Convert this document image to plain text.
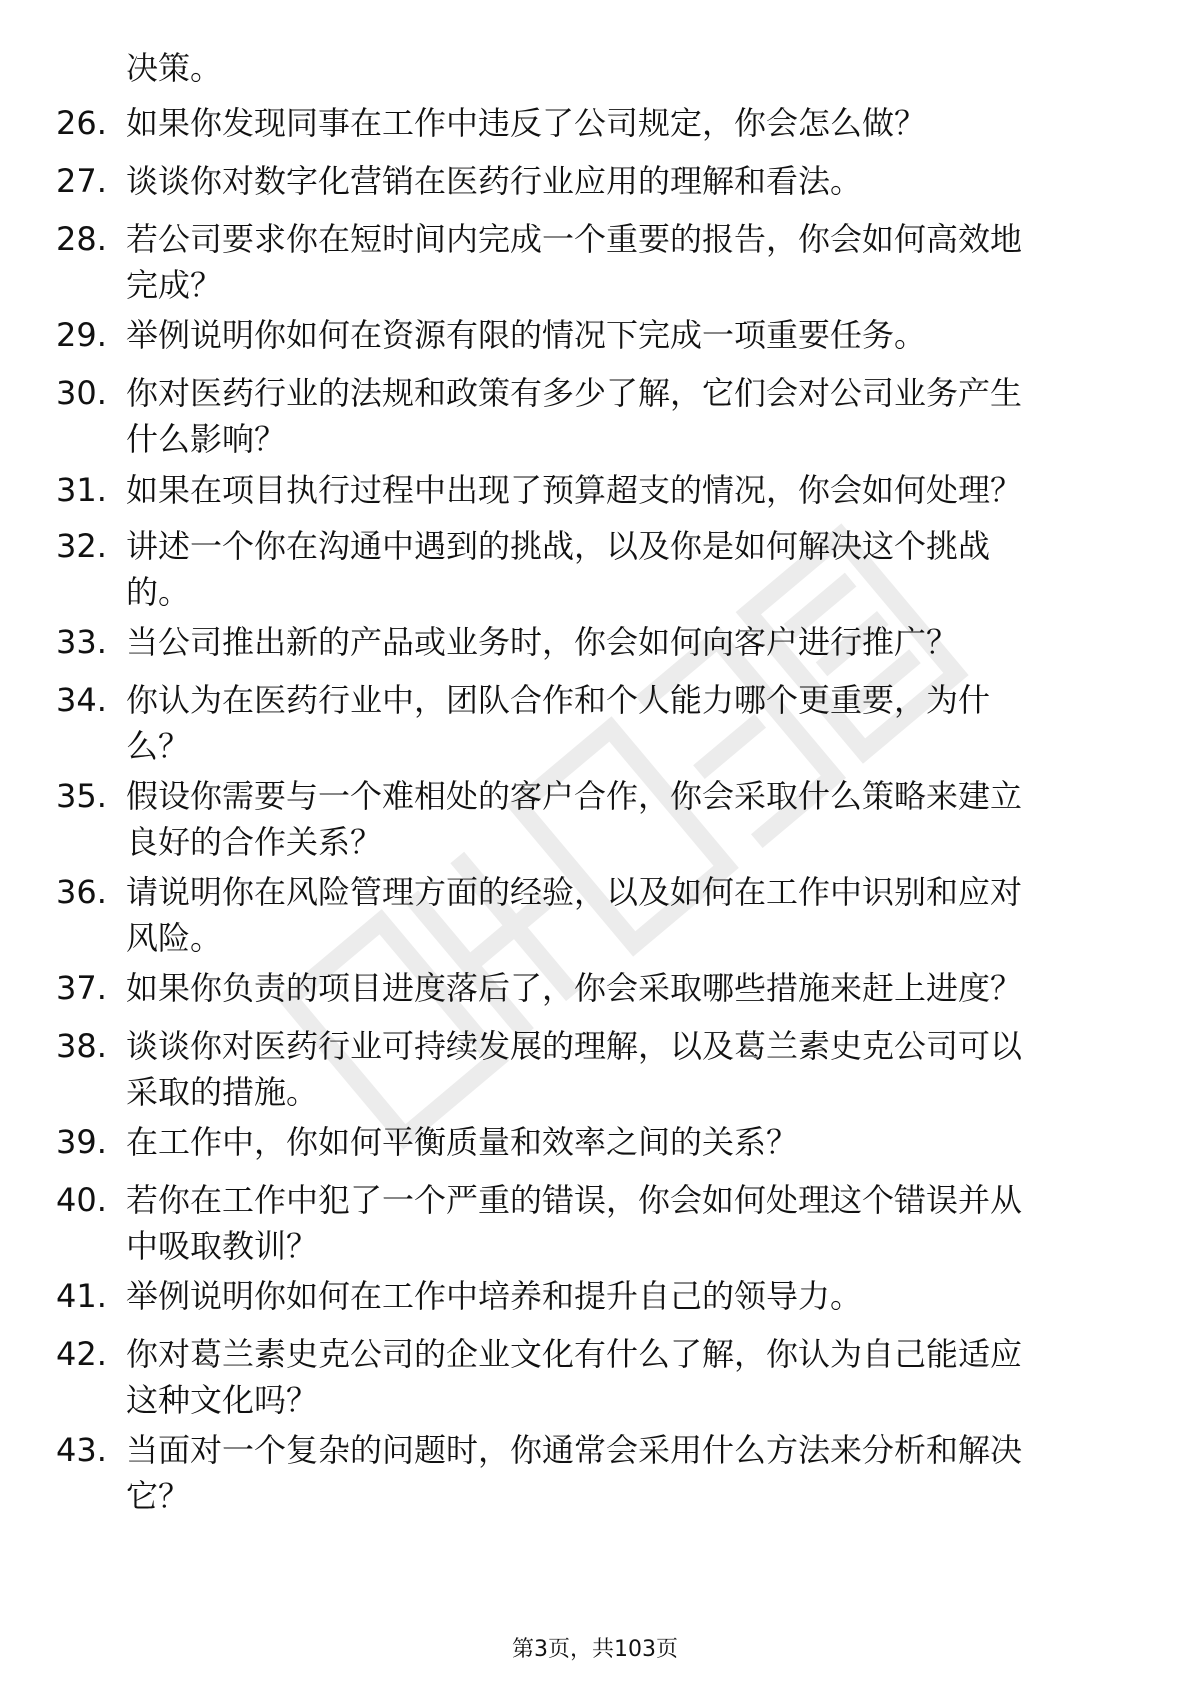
决策。
26. 如果你发现同事在工作中违反了公司规定，你会怎么做？
27. 谈谈你对数字化营销在医药行业应用的理解和看法。
28. 若公司要求你在短时间内完成一个重要的报告，你会如何高效地
完成？
29. 举例说明你如何在资源有限的情况下完成一项重要任务。
30. 你对医药行业的法规和政策有多少了解，它们会对公司业务产生
什么影响？
31. 如果在项目执行过程中出现了预算超支的情况，你会如何处理？
32. 讲述一个你在沟通中遇到的挑战，以及你是如何解决这个挑战
的。
33. 当公司推出新的产品或业务时，你会如何向客户进行推广？
34. 你认为在医药行业中，团队合作和个人能力哪个更重要，为什
么？
35. 假设你需要与一个难相处的客户合作，你会采取什么策略来建立
良好的合作关系？
36. 请说明你在风险管理方面的经验，以及如何在工作中识别和应对
风险。
37. 如果你负责的项目进度落后了，你会采取哪些措施来赶上进度？
38. 谈谈你对医药行业可持续发展的理解，以及葛兰素史克公司可以
采取的措施。
39. 在工作中，你如何平衡质量和效率之间的关系？
40. 若你在工作中犯了一个严重的错误，你会如何处理这个错误并从
中吸取教训？
41. 举例说明你如何在工作中培养和提升自己的领导力。
42. 你对葛兰素史克公司的企业文化有什么了解，你认为自己能适应
这种文化吗？
43. 当面对一个复杂的问题时，你通常会采用什么方法来分析和解决
它？
第3页，共103页
